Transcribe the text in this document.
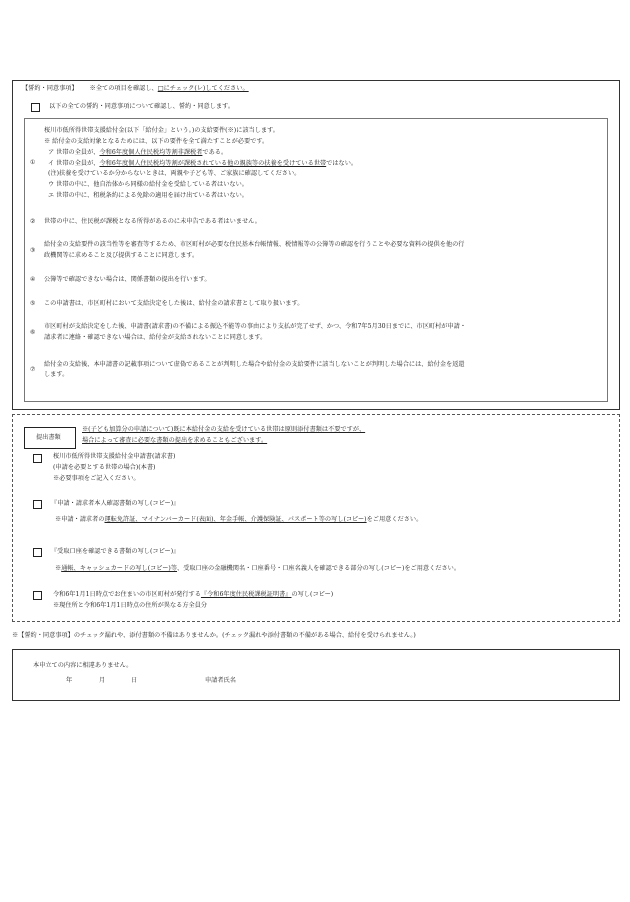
【誓約・同意事項】 ※全ての項目を確認し、□にチェック(レ)してください。
以下の全ての誓約・同意事項について確認し、誓約・同意します。
①
桜川市低所得世帯支援給付金(以下「給付金」という。)の支給要件(※)に該当します。
※ 給付金の支給対象となるためには、以下の要件を全て満たすことが必要です。
ア 世帯の全員が、令和6年度個人住民税均等割非課税者である。
イ 世帯の全員が、令和6年度個人住民税均等割が課税されている他の親族等の扶養を受けている世帯ではない。
(注)扶養を受けているか分からないときは、両親や子ども等、ご家族に確認してください。
ウ 世帯の中に、他自治体から同様の給付金を受給している者はいない。
エ 世帯の中に、租税条約による免除の適用を届け出ている者はいない。
② 世帯の中に、住民税が課税となる所得があるのに未申告である者はいません。
③
給付金の支給要件の該当性等を審査等するため、市区町村が必要な住民基本台帳情報、税情報等の公簿等の確認を行うことや必要な資料の提供を他の行
政機関等に求めること及び提供することに同意します。
④ 公簿等で確認できない場合は、関係書類の提出を行います。
⑤ この申請書は、市区町村において支給決定をした後は、給付金の請求書として取り扱います。
⑥
市区町村が支給決定をした後、申請書(請求書)の不備による振込不能等の事由により支払が完了せず、かつ、令和7年5月30日までに、市区町村が申請・
請求者に連絡・確認できない場合は、給付金が支給されないことに同意します。
⑦
給付金の支給後、本申請書の記載事項について虚偽であることが判明した場合や給付金の支給要件に該当しないことが判明した場合には、給付金を返還
します。
提出書類
※(子ども加算分の申請について)既に本給付金の支給を受けている世帯は原則添付書類は不要ですが、
場合によって審査に必要な書類の提出を求めることもございます。
桜川市低所得世帯支援給付金申請書(請求書)
(申請を必要とする世帯の場合)(本書)
※必要事項をご記入ください。
『申請・請求者本人確認書類の写し(コピー)』
※申請・請求者の運転免許証、マイナンバーカード(表面)、年金手帳、介護保険証、パスポート等の写し(コピー)をご用意ください。
『受取口座を確認できる書類の写し(コピー)』
※通帳、キャッシュカードの写し(コピー)等、受取口座の金融機関名・口座番号・口座名義人を確認できる部分の写し(コピー)をご用意ください。
令和6年1月1日時点でお住まいの市区町村が発行する『令和6年度住民税課税証明書』の写し(コピー)
※現住所と令和6年1月1日時点の住所が異なる方全員分
※【誓約・同意事項】のチェック漏れや、添付書類の不備はありませんか。(チェック漏れや添付書類の不備がある場合、給付を受けられません。)
本申立ての内容に相違ありません。
年	月	日	申請者氏名
